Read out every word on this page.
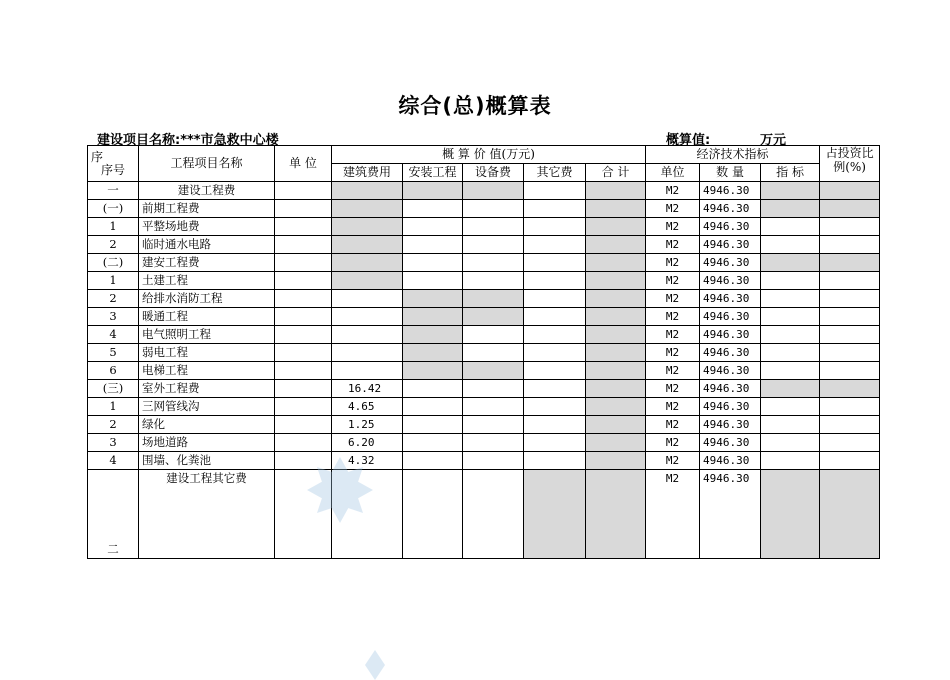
综合(总)概算表
建设项目名称:***市急救中心楼	概算值:	万元
序
序号	工程项目名称	单 位	概 算 价 值(万元)					经济技术指标			占投资比例(%)
			建筑费用	安装工程	设备费	其它费	合 计	单位	数 量	指 标	
一	建设工程费							M2	4946.30		
(一)	前期工程费							M2	4946.30		
1	平整场地费							M2	4946.30		
2	临时通水电路							M2	4946.30		
(二)	建安工程费							M2	4946.30		
1	土建工程							M2	4946.30		
2	给排水消防工程							M2	4946.30		
3	暖通工程							M2	4946.30		
4	电气照明工程							M2	4946.30		
5	弱电工程							M2	4946.30		
6	电梯工程							M2	4946.30		
(三)	室外工程费		16.42					M2	4946.30		
1	三网管线沟		4.65					M2	4946.30		
2	绿化		1.25					M2	4946.30		
3	场地道路		6.20					M2	4946.30		
4	围墙、化粪池		4.32					M2	4946.30		
二	建设工程其它费							M2	4946.30		
